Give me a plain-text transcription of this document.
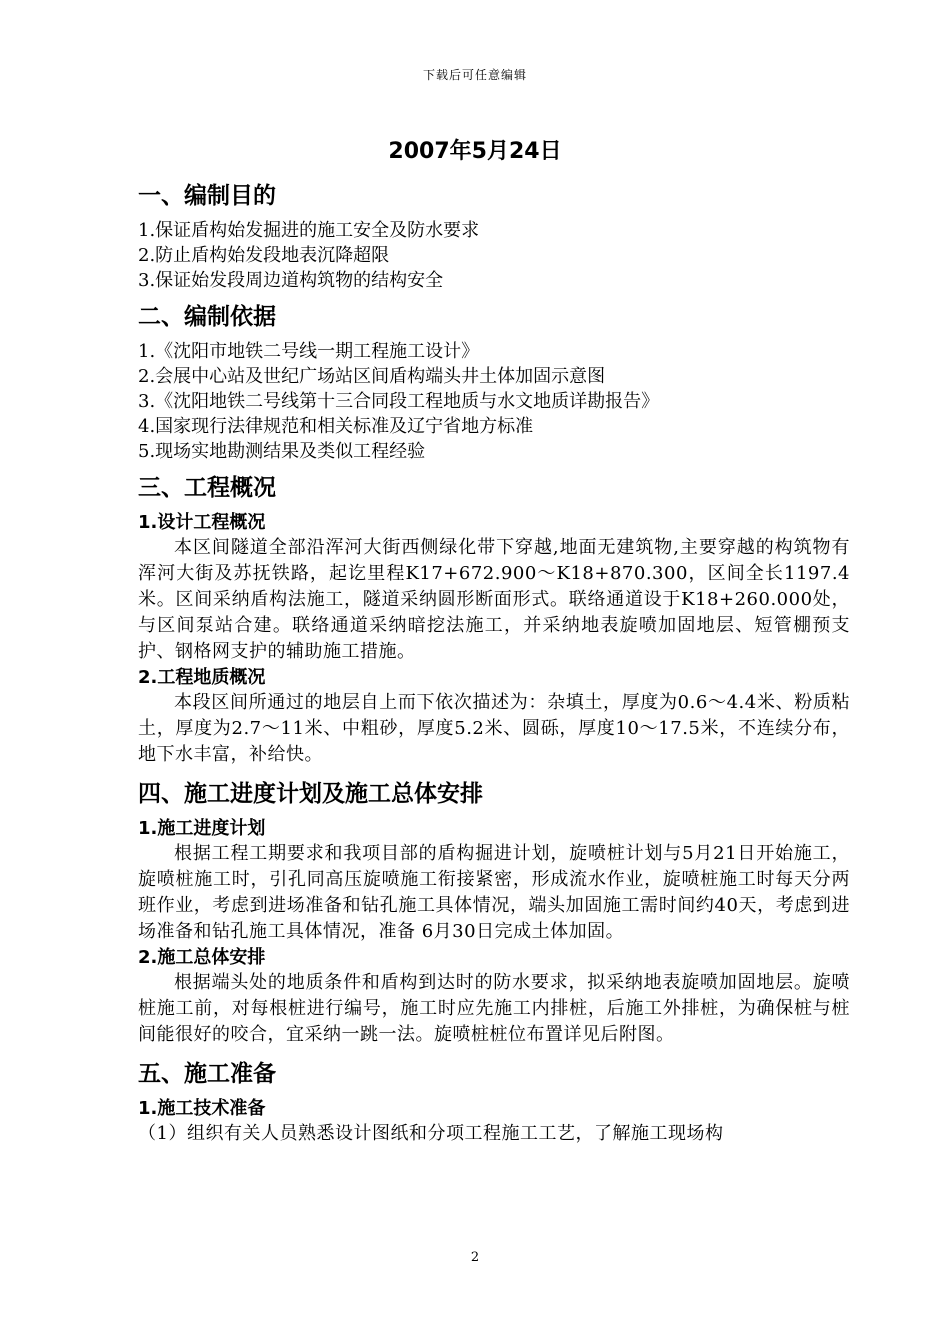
下载后可任意编辑
2007年5月24日
一、编制目的

1.保证盾构始发掘进的施工安全及防水要求

2.防止盾构始发段地表沉降超限

3.保证始发段周边道构筑物的结构安全

二、编制依据

1.《沈阳市地铁二号线一期工程施工设计》

2.会展中心站及世纪广场站区间盾构端头井土体加固示意图

3.《沈阳地铁二号线第十三合同段工程地质与水文地质详勘报告》

4.国家现行法律规范和相关标准及辽宁省地方标准

5.现场实地勘测结果及类似工程经验

三、工程概况
1.设计工程概况

本区间隧道全部沿浑河大街西侧绿化带下穿越,地面无建筑物,主要穿越的构筑物有浑河大街及苏抚铁路，起讫里程K17+672.900～K18+870.300，区间全长1197.4米。区间采纳盾构法施工，隧道采纳圆形断面形式。联络通道设于K18+260.000处，与区间泵站合建。联络通道采纳暗挖法施工，并采纳地表旋喷加固地层、短管棚预支护、钢格网支护的辅助施工措施。

2.工程地质概况

本段区间所通过的地层自上而下依次描述为：杂填土，厚度为0.6～4.4米、粉质粘土，厚度为2.7～11米、中粗砂，厚度5.2米、圆砾，厚度10～17.5米，不连续分布，地下水丰富，补给快。

四、施工进度计划及施工总体安排
1.施工进度计划

根据工程工期要求和我项目部的盾构掘进计划，旋喷桩计划与5月21日开始施工，旋喷桩施工时，引孔同高压旋喷施工衔接紧密，形成流水作业，旋喷桩施工时每天分两班作业，考虑到进场准备和钻孔施工具体情况，端头加固施工需时间约40天，考虑到进场准备和钻孔施工具体情况，准备 6月30日完成土体加固。

2.施工总体安排

根据端头处的地质条件和盾构到达时的防水要求，拟采纳地表旋喷加固地层。旋喷桩施工前，对每根桩进行编号，施工时应先施工内排桩，后施工外排桩，为确保桩与桩间能很好的咬合，宜采纳一跳一法。旋喷桩桩位布置详见后附图。

五、施工准备
1.施工技术准备

（1）组织有关人员熟悉设计图纸和分项工程施工工艺，了解施工现场构

2
